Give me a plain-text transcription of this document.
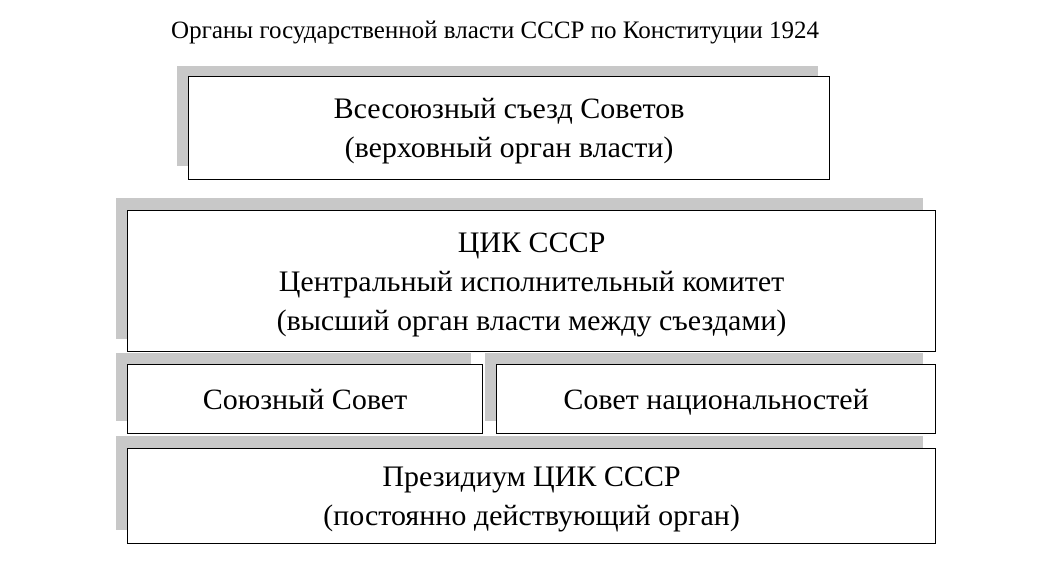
Органы государственной власти СССР по Конституции 1924
Всесоюзный съезд Советов
(верховный орган власти)
ЦИК СССР
Центральный исполнительный комитет
(высший орган власти между съездами)
Союзный Совет	Совет национальностей
Президиум ЦИК СССР
(постоянно действующий орган)
